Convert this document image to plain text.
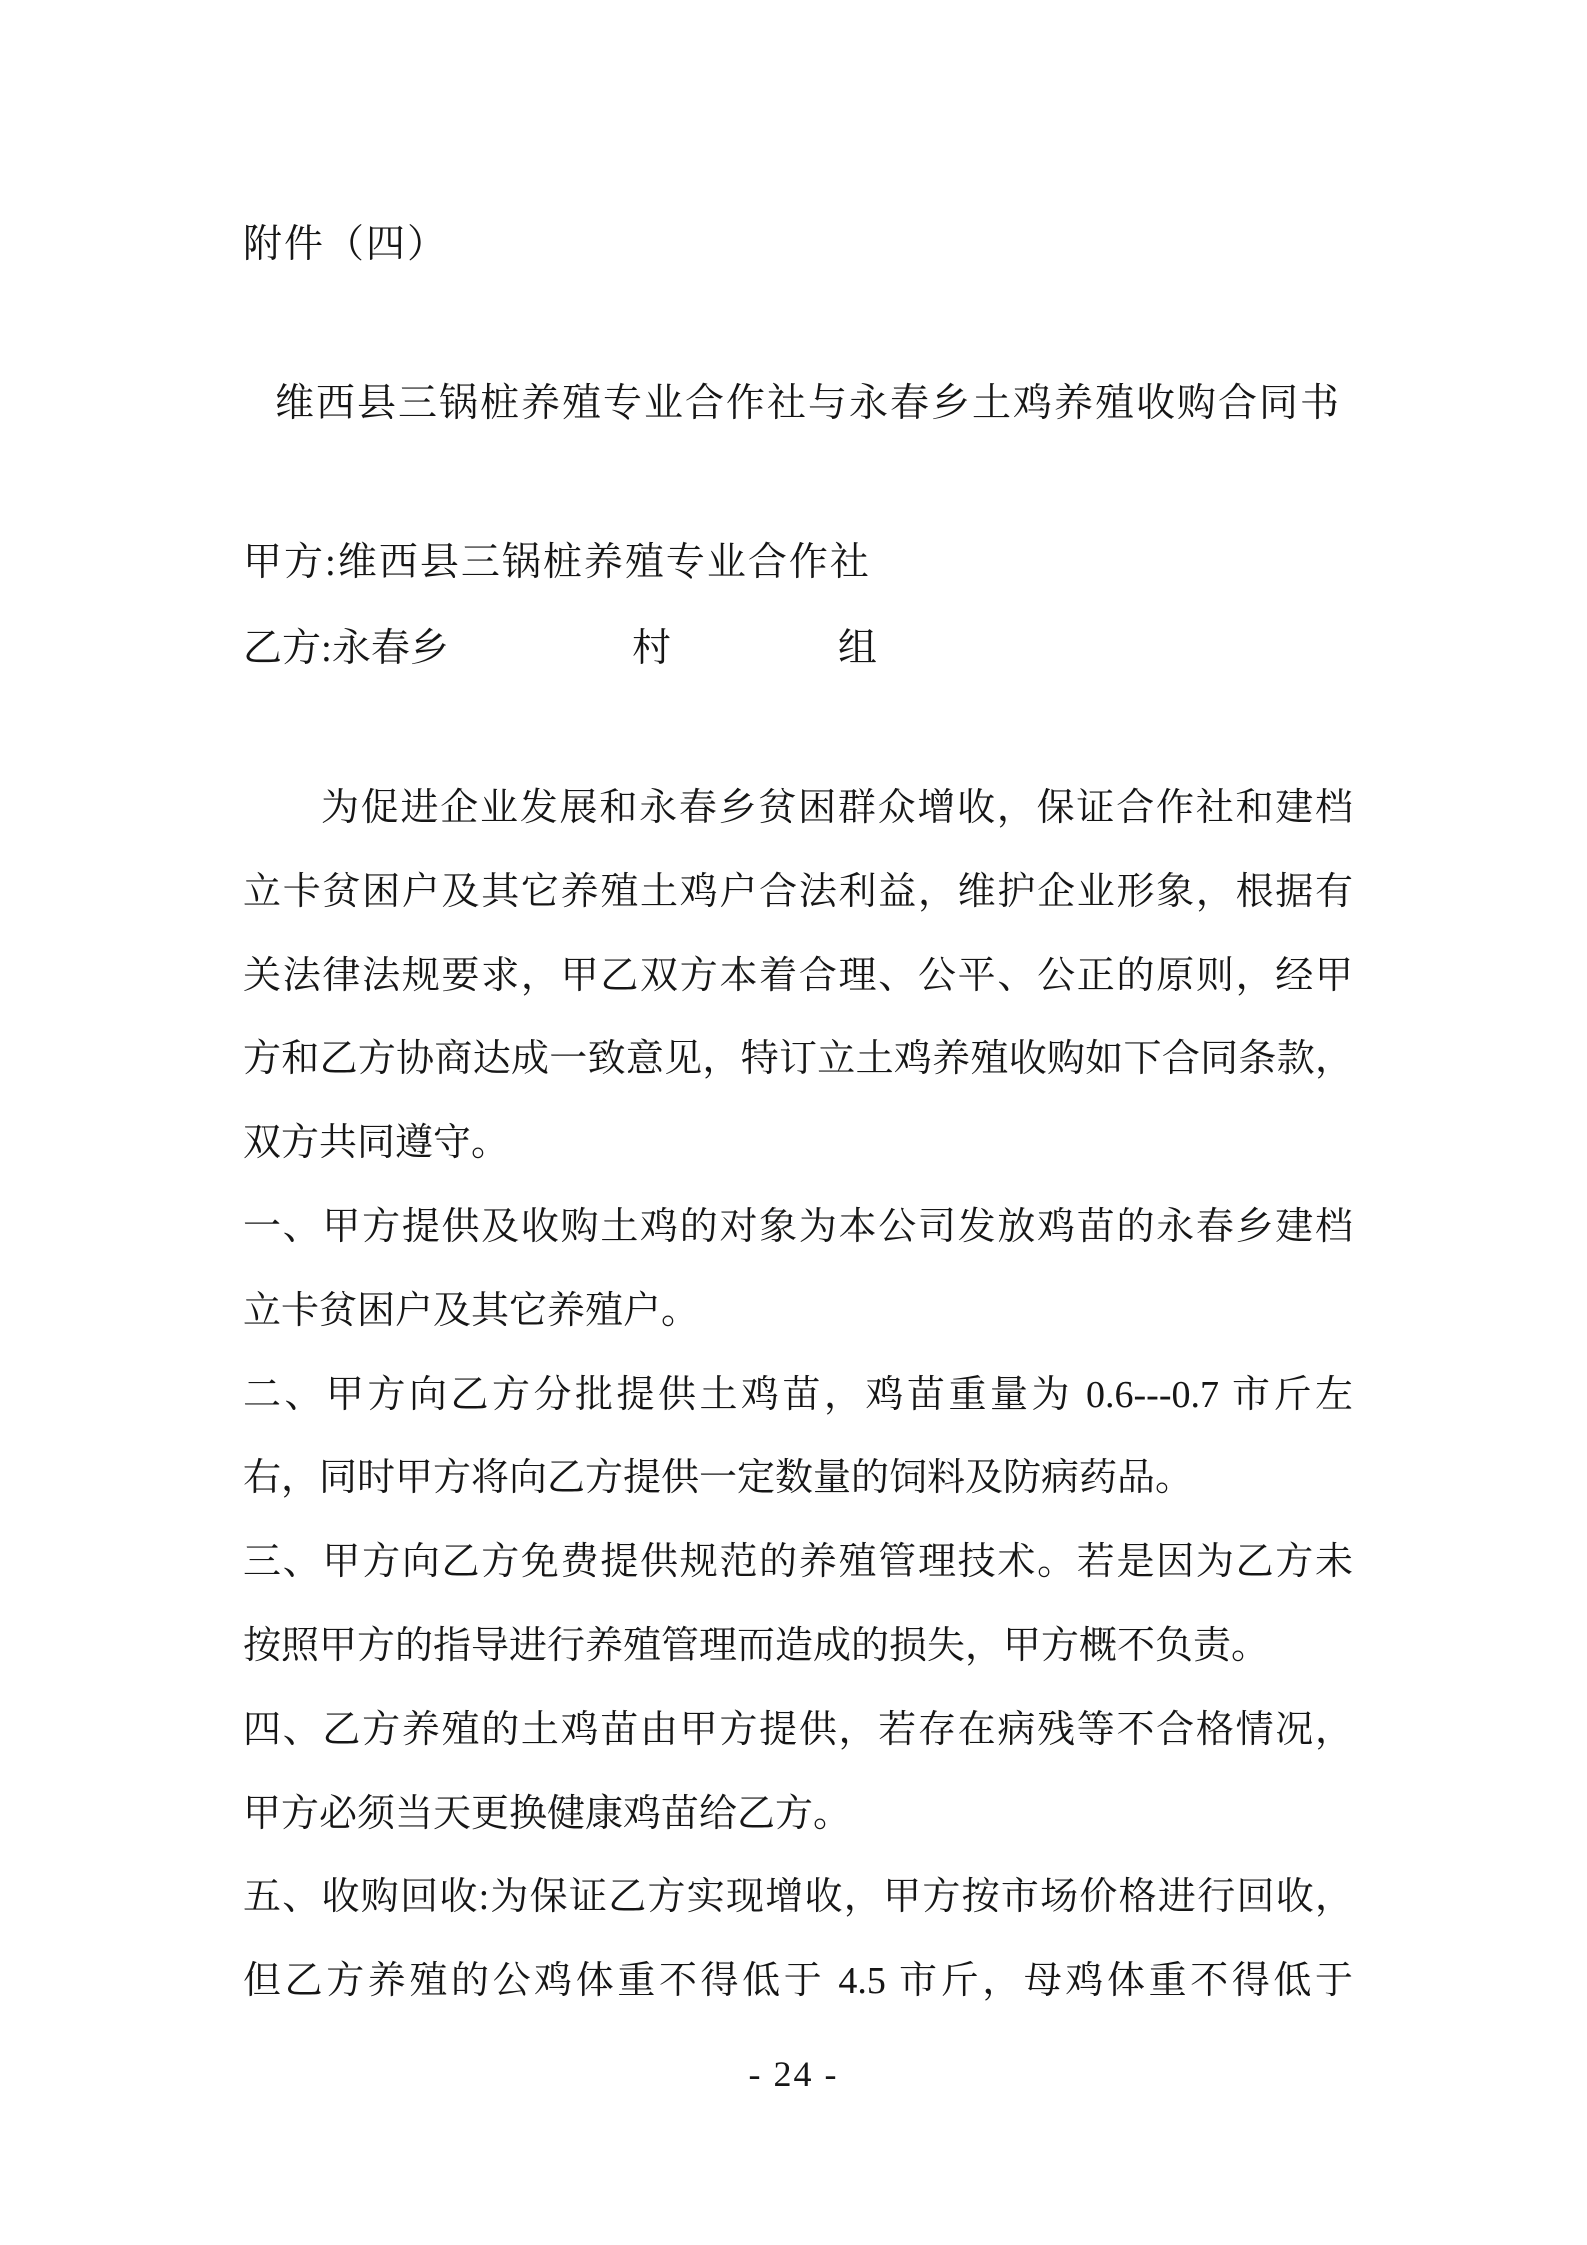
附件（四）
维西县三锅桩养殖专业合作社与永春乡土鸡养殖收购合同书
甲方:维西县三锅桩养殖专业合作社
乙方:永春乡	村	组
为促进企业发展和永春乡贫困群众增收，保证合作社和建档
立卡贫困户及其它养殖土鸡户合法利益，维护企业形象，根据有
关法律法规要求，甲乙双方本着合理、公平、公正的原则，经甲
方和乙方协商达成一致意见，特订立土鸡养殖收购如下合同条款，
双方共同遵守。
一、甲方提供及收购土鸡的对象为本公司发放鸡苗的永春乡建档
立卡贫困户及其它养殖户。
二、甲方向乙方分批提供土鸡苗，鸡苗重量为 0.6---0.7 市斤左
右，同时甲方将向乙方提供一定数量的饲料及防病药品。
三、甲方向乙方免费提供规范的养殖管理技术。若是因为乙方未
按照甲方的指导进行养殖管理而造成的损失，甲方概不负责。
四、乙方养殖的土鸡苗由甲方提供，若存在病残等不合格情况，
甲方必须当天更换健康鸡苗给乙方。
五、收购回收:为保证乙方实现增收，甲方按市场价格进行回收，
但乙方养殖的公鸡体重不得低于 4.5 市斤，母鸡体重不得低于
- 24 -
